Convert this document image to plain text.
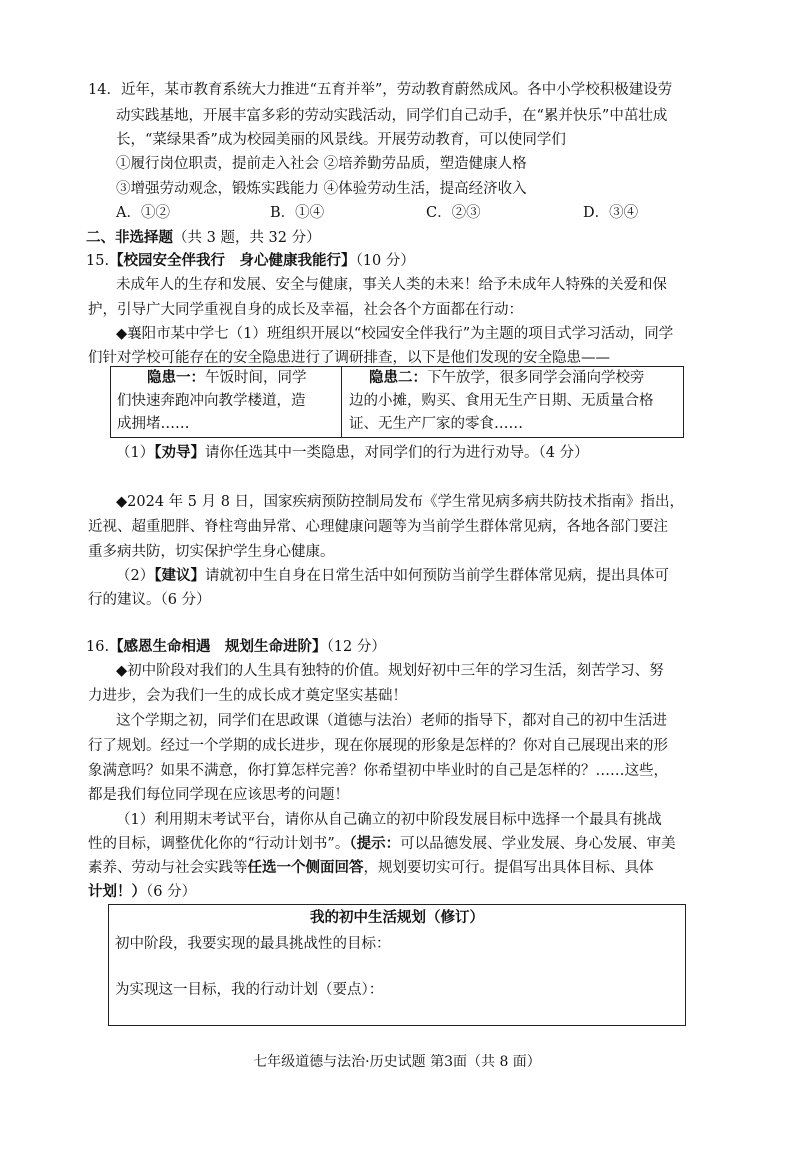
14．近年，某市教育系统大力推进“五育并举”，劳动教育蔚然成风。各中小学校积极建设劳
动实践基地，开展丰富多彩的劳动实践活动，同学们自己动手，在“累并快乐”中茁壮成
长，“菜绿果香”成为校园美丽的风景线。开展劳动教育，可以使同学们
①履行岗位职责，提前走入社会 ②培养勤劳品质，塑造健康人格
③增强劳动观念，锻炼实践能力 ④体验劳动生活，提高经济收入
A．①②	B．①④	C．②③	D．③④
二、非选择题（共 3 题，共 32 分）
15.【校园安全伴我行　身心健康我能行】（10 分）
未成年人的生存和发展、安全与健康，事关人类的未来！给予未成年人特殊的关爱和保
护，引导广大同学重视自身的成长及幸福，社会各个方面都在行动：
◆襄阳市某中学七（1）班组织开展以“校园安全伴我行”为主题的项目式学习活动，同学
们针对学校可能存在的安全隐患进行了调研排查，以下是他们发现的安全隐患——
隐患一：午饭时间，同学
们快速奔跑冲向教学楼道，造
成拥堵……
隐患二：下午放学，很多同学会涌向学校旁
边的小摊，购买、食用无生产日期、无质量合格
证、无生产厂家的零食……
（1）【劝导】请你任选其中一类隐患，对同学们的行为进行劝导。（4 分）
◆2024 年 5 月 8 日，国家疾病预防控制局发布《学生常见病多病共防技术指南》指出，
近视、超重肥胖、脊柱弯曲异常、心理健康问题等为当前学生群体常见病，各地各部门要注
重多病共防，切实保护学生身心健康。
（2）【建议】请就初中生自身在日常生活中如何预防当前学生群体常见病，提出具体可
行的建议。（6 分）
16.【感恩生命相遇　规划生命进阶】（12 分）
◆初中阶段对我们的人生具有独特的价值。规划好初中三年的学习生活，刻苦学习、努
力进步，会为我们一生的成长成才奠定坚实基础！
这个学期之初，同学们在思政课（道德与法治）老师的指导下，都对自己的初中生活进
行了规划。经过一个学期的成长进步，现在你展现的形象是怎样的？你对自己展现出来的形
象满意吗？如果不满意，你打算怎样完善？你希望初中毕业时的自己是怎样的？……这些，
都是我们每位同学现在应该思考的问题！
（1）利用期末考试平台，请你从自己确立的初中阶段发展目标中选择一个最具有挑战
性的目标，调整优化你的“行动计划书”。（提示：可以品德发展、学业发展、身心发展、审美
素养、劳动与社会实践等任选一个侧面回答，规划要切实可行。提倡写出具体目标、具体
计划！）（6 分）
我的初中生活规划（修订）
初中阶段，我要实现的最具挑战性的目标：
为实现这一目标，我的行动计划（要点）：
七年级道德与法治·历史试题 第3面（共 8 面）
